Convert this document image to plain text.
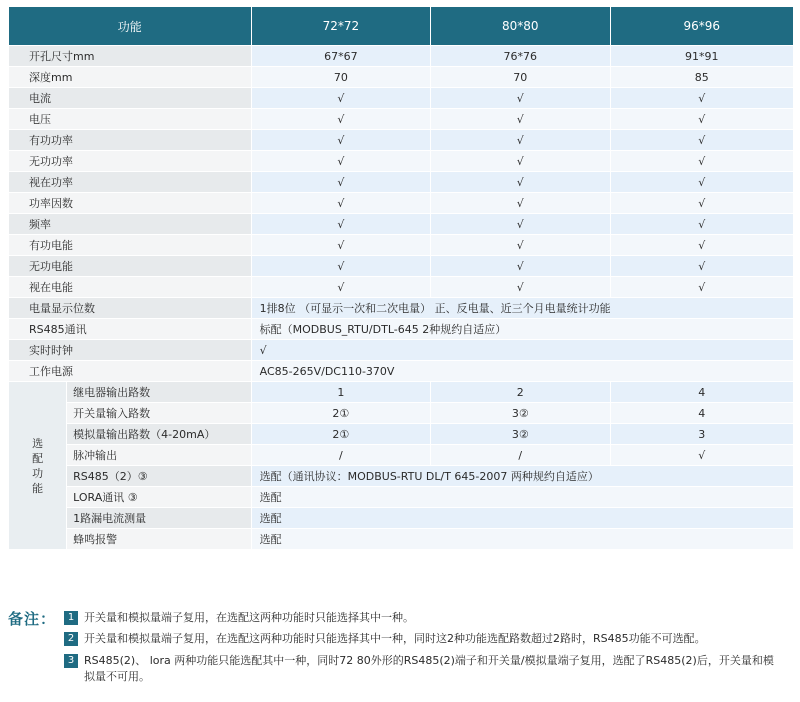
功能		72*72	80*80	96*96
开孔尺寸mm		67*67	76*76	91*91
深度mm		70	70	85
电流		√	√	√
电压		√	√	√
有功功率		√	√	√
无功功率		√	√	√
视在功率		√	√	√
功率因数		√	√	√
频率		√	√	√
有功电能		√	√	√
无功电能		√	√	√
视在电能		√	√	√
电量显示位数		1排8位 （可显示一次和二次电量） 正、反电量、近三个月电量统计功能		
RS485通讯		标配（MODBUS_RTU/DTL-645 2种规约自适应）		
实时时钟		√		
工作电源		AC85-265V/DC110-370V		

选配功能	继电器输出路数	1	2	4
	开关量输入路数	2①	3②	4
	模拟量输出路数（4-20mA）	2①	3②	3
	脉冲输出	/	/	√
	RS485（2）③	选配（通讯协议：MODBUS-RTU DL/T 645-2007 两种规约自适应）		
	LORA通讯 ③	选配		
	1路漏电流测量	选配		
	蜂鸣报警	选配		
备注：	1 开关量和模拟量端子复用，在选配这两种功能时只能选择其中一种。
2 开关量和模拟量端子复用，在选配这两种功能时只能选择其中一种，同时这2种功能选配路数超过2路时，RS485功能不可选配。
3 RS485(2)、 lora 两种功能只能选配其中一种，同时72 80外形的RS485(2)端子和开关量/模拟量端子复用，选配了RS485(2)后，开关量和模拟量不可用。
